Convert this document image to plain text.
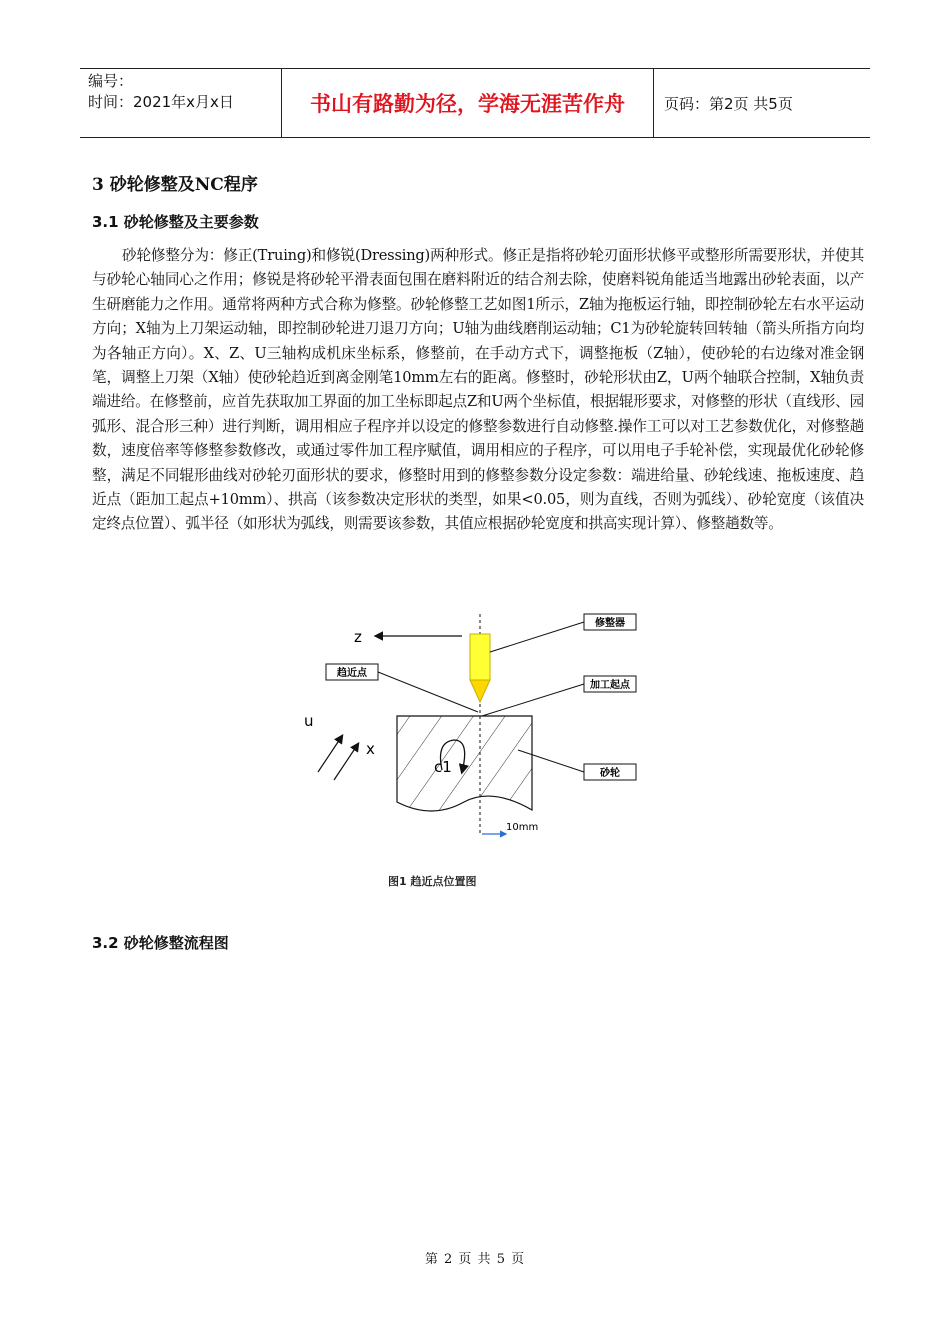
编号：
时间：2021年x月x日	书山有路勤为径，学海无涯苦作舟	页码：第2页 共5页
3 砂轮修整及NC程序
3.1 砂轮修整及主要参数
砂轮修整分为：修正(Truing)和修锐(Dressing)两种形式。修正是指将砂轮刃面形状修平或整形所需要形状，并使其与砂轮心轴同心之作用；修锐是将砂轮平滑表面包围在磨料附近的结合剂去除，使磨料锐角能适当地露出砂轮表面，以产生研磨能力之作用。通常将两种方式合称为修整。砂轮修整工艺如图1所示，Z轴为拖板运行轴，即控制砂轮左右水平运动方向；X轴为上刀架运动轴，即控制砂轮进刀退刀方向；U轴为曲线磨削运动轴；C1为砂轮旋转回转轴（箭头所指方向均为各轴正方向）。X、Z、U三轴构成机床坐标系，修整前，在手动方式下，调整拖板（Z轴），使砂轮的右边缘对准金钢笔，调整上刀架（X轴）使砂轮趋近到离金刚笔10mm左右的距离。修整时，砂轮形状由Z，U两个轴联合控制，X轴负责端进给。在修整前，应首先获取加工界面的加工坐标即起点Z和U两个坐标值，根据辊形要求，对修整的形状（直线形、园弧形、混合形三种）进行判断，调用相应子程序并以设定的修整参数进行自动修整.操作工可以对工艺参数优化，对修整趟数，速度倍率等修整参数修改，或通过零件加工程序赋值，调用相应的子程序，可以用电子手轮补偿，实现最优化砂轮修整，满足不同辊形曲线对砂轮刃面形状的要求，修整时用到的修整参数分设定参数：端进给量、砂轮线速、拖板速度、趋近点（距加工起点+10mm）、拱高（该参数决定形状的类型，如果<0.05，则为直线，否则为弧线）、砂轮宽度（该值决定终点位置）、弧半径（如形状为弧线，则需要该参数，其值应根据砂轮宽度和拱高实现计算）、修整趟数等。
c1
z
u
x
修整器
趋近点
加工起点
砂轮
10mm
图1 趋近点位置图
3.2 砂轮修整流程图
第 2 页 共 5 页
